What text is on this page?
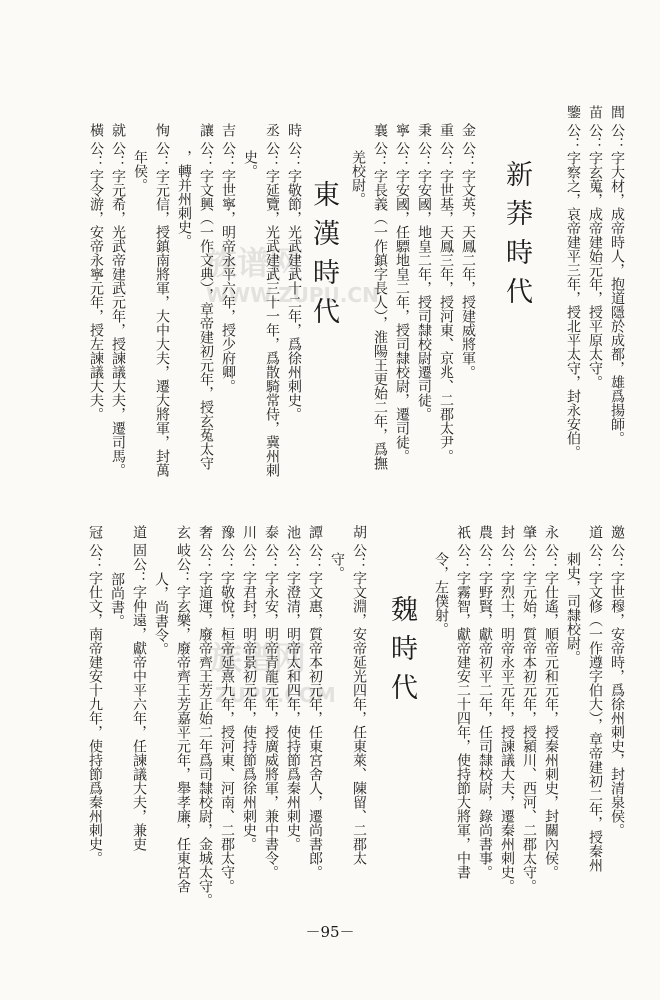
族谱网
WWW.ZUPU.CN
族谱网
ZUPU.COM
新莽時代
東漢時代
魏時代
閭公：字大材，成帝時人，抱道隱於成都，雄爲揚師。
苗公：字玄蒐，成帝建始元年，授平原太守。
鑒公：字察之，哀帝建平三年，授北平太守，封永安伯。
金公：字文英，天鳳二年，授建威將軍。
重公：字世基，天鳳三年，授河東、京兆、二郡太尹。
秉公：字安國，地皇二年，授司隸校尉遷司徒。
寧公：字安國，任驃地皇二年，授司隸校尉，遷司徒。
襄公：字長義（一作鎮字長人），淮陽王更始二年，爲撫
羌校尉。
時公：字敬節，光武建武十二年，爲徐州刺史。
丞公：字延覽，光武建武三十一年，爲散騎常侍，冀州刺
史。
吉公：字世寧，明帝永平六年，授少府卿。
讓公：字文興（一作文典），章帝建初元年，授玄菟太守
，轉并州刺史。
恂公：字元信，授鎮南將軍，大中大夫，遷大將軍，封萬
年侯。
就公：字元希，光武帝建武元年，授諫議大夫，遷司馬。
橫公：字令游，安帝永寧元年，授左諫議大夫。
邀公：字世穆，安帝時，爲徐州刺史，封清泉侯。
道公：字文修（一作遵字伯大），章帝建初二年，授秦州
刺史，司隸校尉。
永公：字仕遙，順帝元和元年，授秦州刺史，封關內侯。
肇公：字元始，質帝本初元年，授潁川、西河、二郡太守。
封公：字烈士，明帝永平元年，授諫議大夫，遷秦州刺史。
農公：字野賢，獻帝初平二年，任司隸校尉，錄尚書事。
祇公：字霧智，獻帝建安二十四年，使持節大將軍，中書
令，左僕射。
胡公：字文淵，安帝延光四年，任東萊、陳留、二郡太
守。
譚公：字文惠，質帝本初元年，任東宮舍人，遷尚書郎。
池公：字澄清，明帝太和四年，使持節爲秦州刺史。
泰公：字永安，明帝青龍元年，授廣威將軍，兼中書令。
川公：字君封，明帝景初元年，使持節爲徐州刺史。
豫公：字敬悅，桓帝延熹九年，授河東、河南、二郡太守。
奢公：字道運，廢帝齊王芳正始二年爲司隸校尉，金城太守。
玄岐公：字玄樂，廢帝齊王芳嘉平元年，舉孝廉，任東宮舍
人，尚書令。
道固公：字仲遠，獻帝中平六年，任諫議大夫，兼吏
部尚書。
冠公：字仕文，南帝建安十九年，使持節爲秦州刺史。
－95－
